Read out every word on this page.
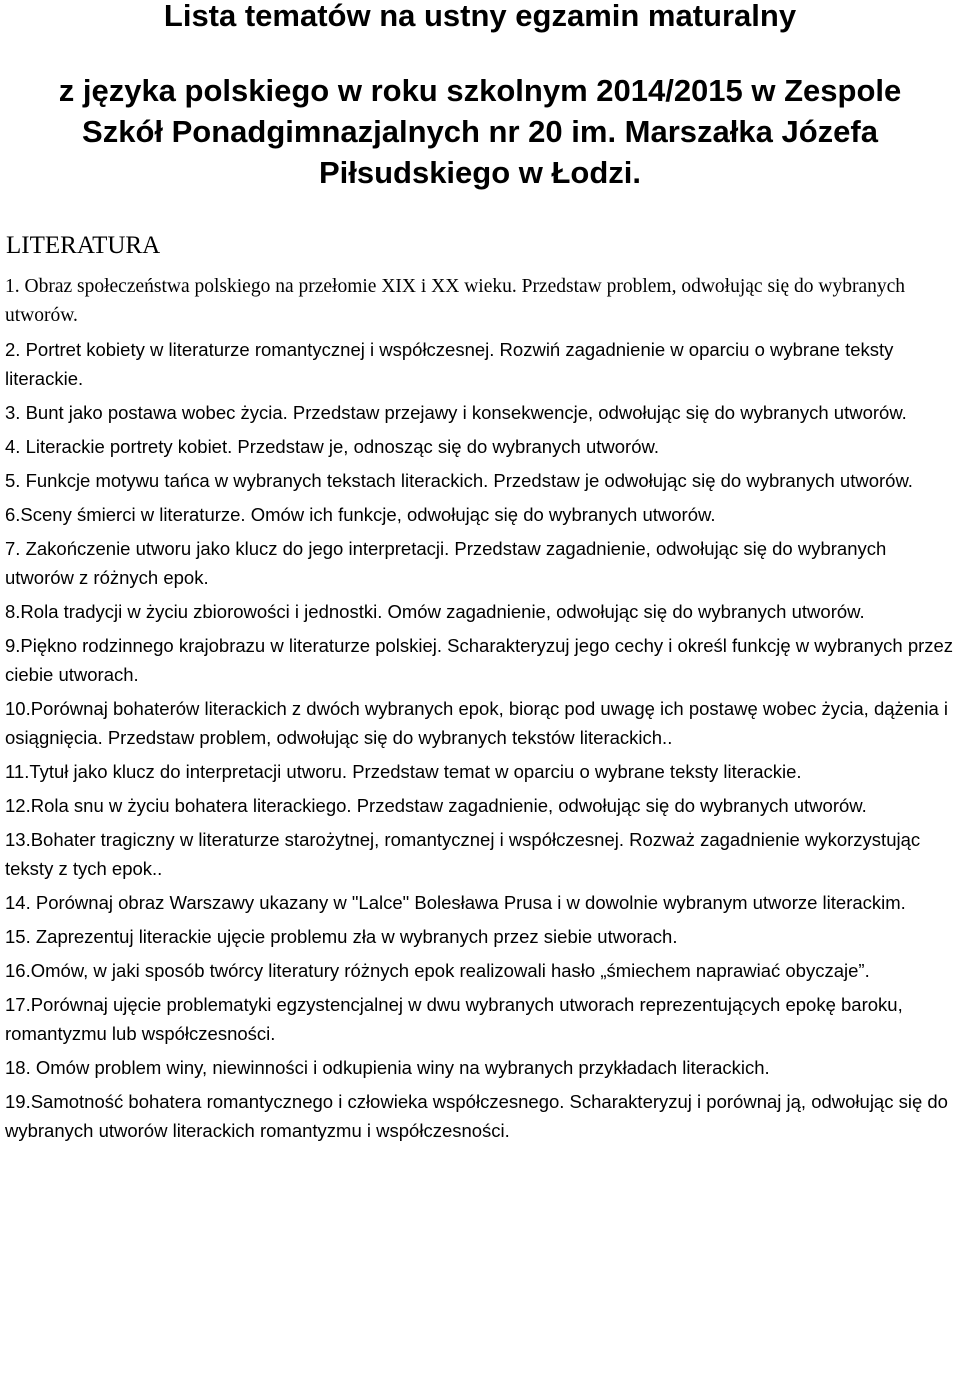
Lista tematów na ustny egzamin maturalny
z języka polskiego w roku szkolnym 2014/2015 w Zespole
Szkół Ponadgimnazjalnych nr 20 im. Marszałka Józefa
Piłsudskiego w Łodzi.
LITERATURA
1. Obraz społeczeństwa polskiego na przełomie XIX i XX wieku. Przedstaw problem, odwołując się do wybranych utworów.
2. Portret kobiety w literaturze romantycznej i współczesnej. Rozwiń zagadnienie w oparciu o wybrane teksty literackie.
3. Bunt jako postawa wobec życia. Przedstaw przejawy i konsekwencje, odwołując się do wybranych utworów.
4. Literackie portrety kobiet. Przedstaw je, odnosząc się do wybranych utworów.
5. Funkcje motywu tańca w wybranych tekstach literackich. Przedstaw je odwołując się do wybranych utworów.
6.Sceny śmierci w literaturze. Omów ich funkcje, odwołując się do wybranych utworów.
7. Zakończenie utworu jako klucz do jego interpretacji. Przedstaw zagadnienie, odwołując się do wybranych utworów z różnych epok.
8.Rola tradycji w życiu zbiorowości i jednostki. Omów zagadnienie, odwołując się do wybranych utworów.
9.Piękno rodzinnego krajobrazu w literaturze polskiej. Scharakteryzuj jego cechy i określ funkcję w wybranych przez ciebie utworach.
10.Porównaj bohaterów literackich z dwóch wybranych epok, biorąc pod uwagę ich postawę wobec życia, dążenia i osiągnięcia. Przedstaw problem, odwołując się do wybranych tekstów literackich..
11.Tytuł jako klucz do interpretacji utworu. Przedstaw temat w oparciu o wybrane teksty literackie.
12.Rola snu w życiu bohatera literackiego. Przedstaw zagadnienie, odwołując się do wybranych utworów.
13.Bohater tragiczny w literaturze starożytnej, romantycznej i współczesnej. Rozważ zagadnienie wykorzystując teksty z tych epok..
14. Porównaj obraz Warszawy ukazany w "Lalce" Bolesława Prusa i w dowolnie wybranym utworze literackim.
15. Zaprezentuj literackie ujęcie problemu zła w wybranych przez siebie utworach.
16.Omów, w jaki sposób twórcy literatury różnych epok realizowali hasło „śmiechem naprawiać obyczaje”.
17.Porównaj ujęcie problematyki egzystencjalnej w dwu wybranych utworach reprezentujących epokę baroku, romantyzmu lub współczesności.
18. Omów problem winy, niewinności i odkupienia winy na wybranych przykładach literackich.
19.Samotność bohatera romantycznego i człowieka współczesnego. Scharakteryzuj i porównaj ją, odwołując się do wybranych utworów literackich romantyzmu i współczesności.
